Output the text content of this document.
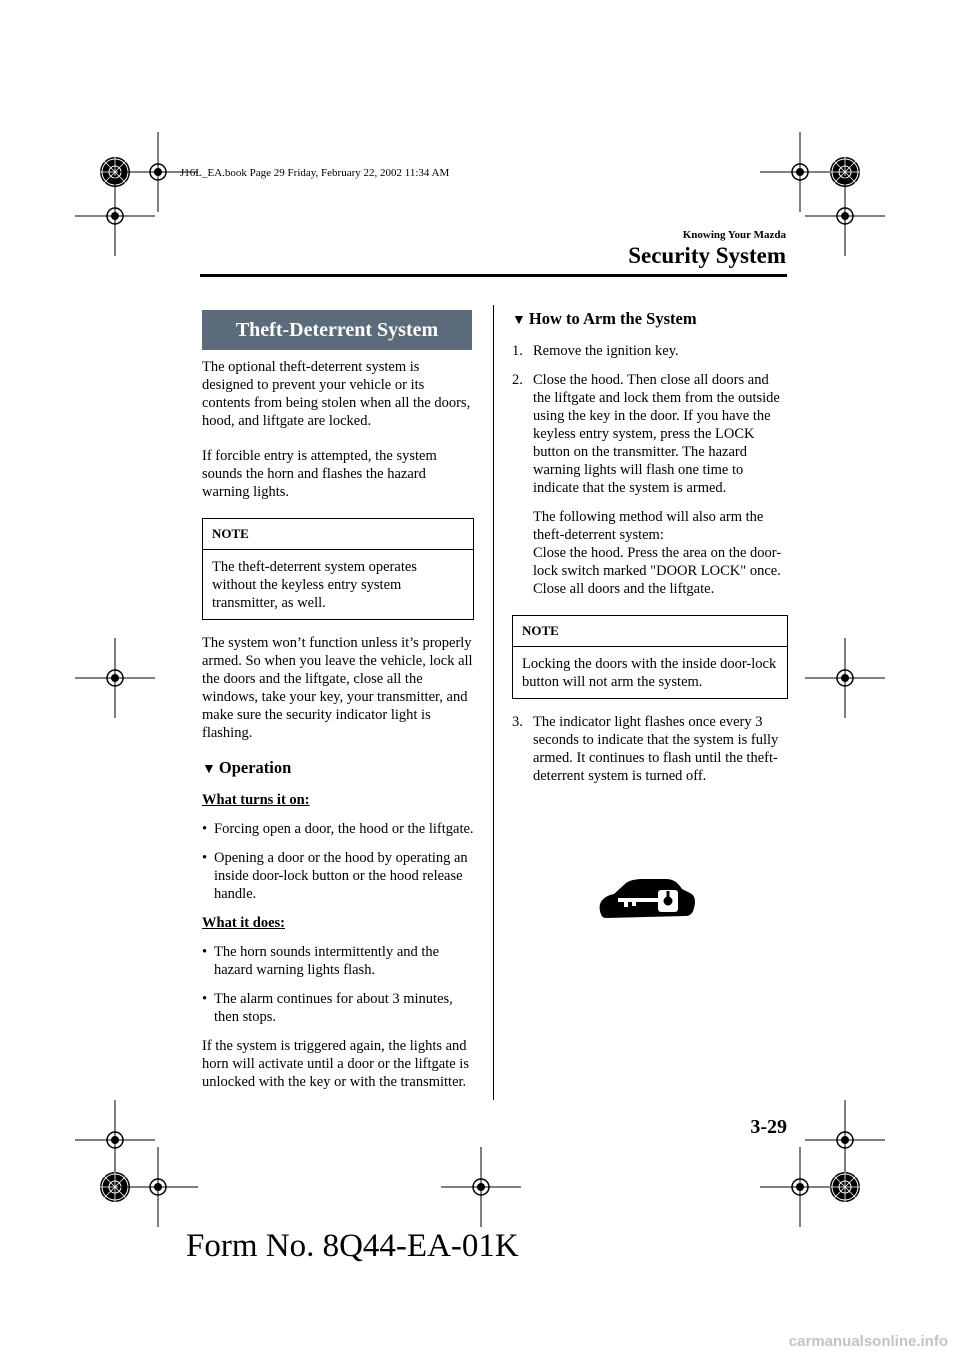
J16L_EA.book Page 29 Friday, February 22, 2002 11:34 AM
Knowing Your Mazda
Security System
Theft-Deterrent System

The optional theft-deterrent system is designed to prevent your vehicle or its contents from being stolen when all the doors, hood, and liftgate are locked.

If forcible entry is attempted, the system sounds the horn and flashes the hazard warning lights.

NOTE
The theft-deterrent system operates without the keyless entry system transmitter, as well.

The system won’t function unless it’s properly armed. So when you leave the vehicle, lock all the doors and the liftgate, close all the windows, take your key, your transmitter, and make sure the security indicator light is flashing.

▼ Operation
What turns it on:
• Forcing open a door, the hood or the liftgate.
• Opening a door or the hood by operating an inside door-lock button or the hood release handle.
What it does:
• The horn sounds intermittently and the hazard warning lights flash.
• The alarm continues for about 3 minutes, then stops.

If the system is triggered again, the lights and horn will activate until a door or the liftgate is unlocked with the key or with the transmitter.

▼ How to Arm the System
1. Remove the ignition key.
2. Close the hood. Then close all doors and the liftgate and lock them from the outside using the key in the door. If you have the keyless entry system, press the LOCK button on the transmitter. The hazard warning lights will flash one time to indicate that the system is armed.
The following method will also arm the theft-deterrent system:
Close the hood. Press the area on the door-lock switch marked "DOOR LOCK" once. Close all doors and the liftgate.
NOTE
Locking the doors with the inside door-lock button will not arm the system.
3. The indicator light flashes once every 3 seconds to indicate that the system is fully armed. It continues to flash until the theft-deterrent system is turned off.
3-29
Form No. 8Q44-EA-01K
carmanualsonline.info
